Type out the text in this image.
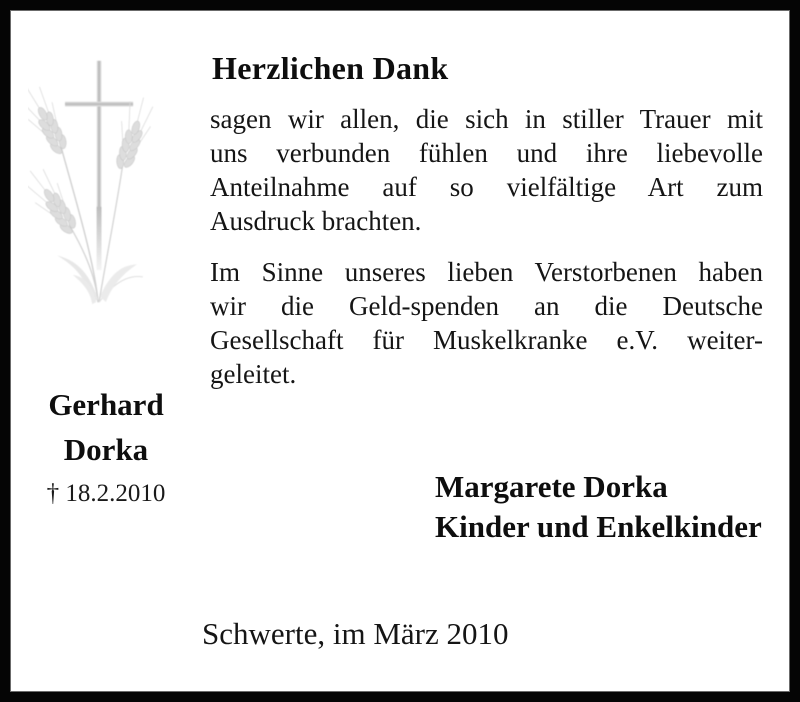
Herzlichen Dank
sagen wir allen, die sich in stiller Trauer mit
uns verbunden fühlen und ihre liebevolle
Anteilnahme auf so vielfältige Art zum
Ausdruck brachten.
Im Sinne unseres lieben Verstorbenen haben
wir die Geld-spenden an die Deutsche
Gesellschaft für Muskelkranke e.V. weiter-
geleitet.
Gerhard
Dorka
† 18.2.2010	Margarete Dorka
Kinder und Enkelkinder
Schwerte, im März 2010
